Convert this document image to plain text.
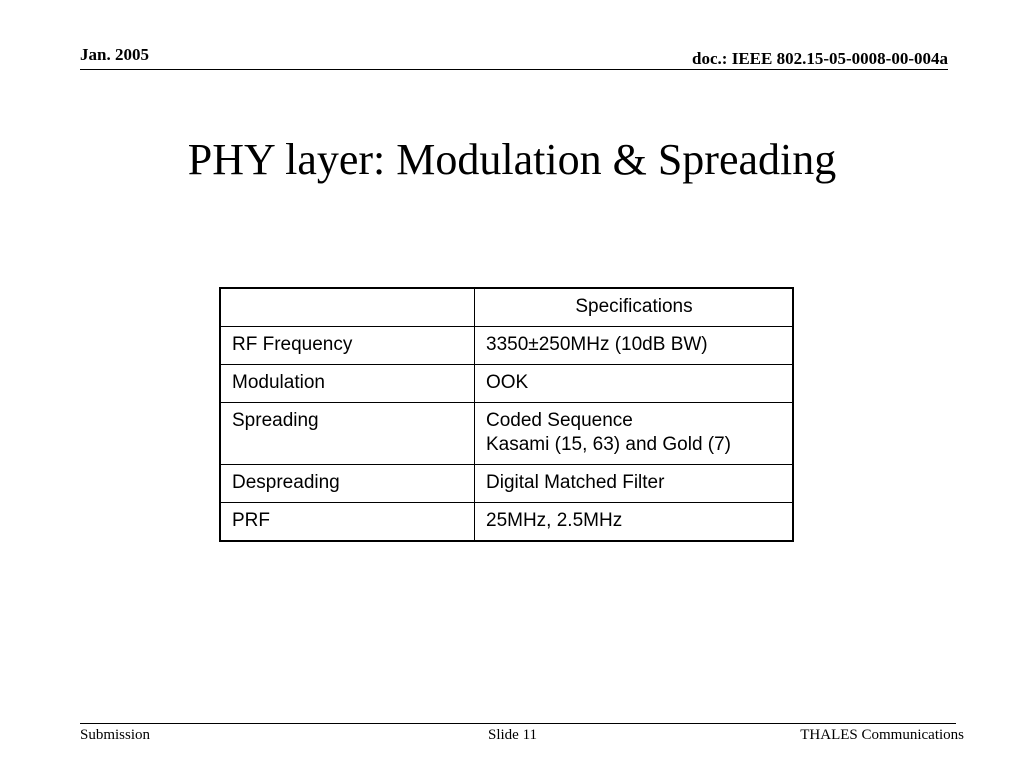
Jan. 2005	doc.: IEEE 802.15-05-0008-00-004a
PHY layer: Modulation & Spreading
	Specifications
RF Frequency	3350±250MHz (10dB BW)

Modulation	OOK

Spreading	Coded Sequence
Kasami (15, 63) and Gold (7)

Despreading	Digital Matched Filter

PRF	25MHz, 2.5MHz
Submission	Slide 11	THALES Communications
